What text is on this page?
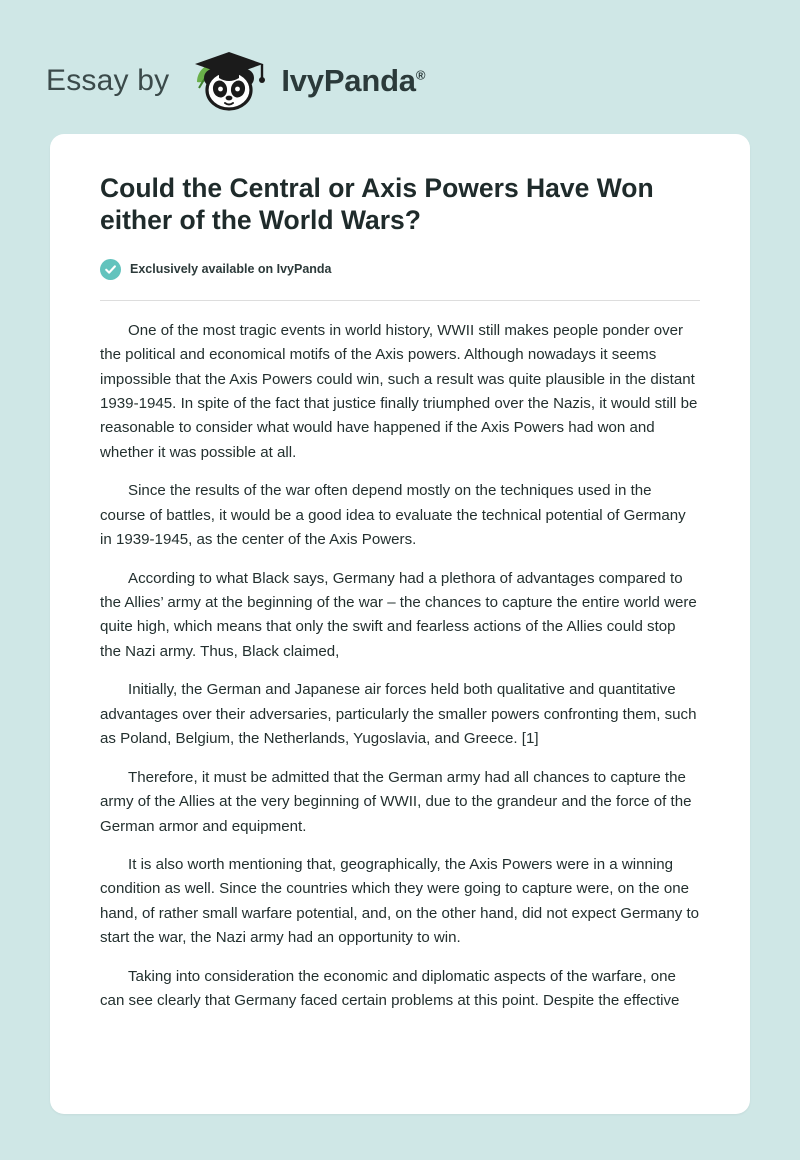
Essay by	IvyPanda®
Could the Central or Axis Powers Have Won either of the World Wars?
Exclusively available on IvyPanda

One of the most tragic events in world history, WWII still makes people ponder over the political and economical motifs of the Axis powers. Although nowadays it seems impossible that the Axis Powers could win, such a result was quite plausible in the distant 1939-1945. In spite of the fact that justice finally triumphed over the Nazis, it would still be reasonable to consider what would have happened if the Axis Powers had won and whether it was possible at all.

Since the results of the war often depend mostly on the techniques used in the course of battles, it would be a good idea to evaluate the technical potential of Germany in 1939-1945, as the center of the Axis Powers.

According to what Black says, Germany had a plethora of advantages compared to the Allies’ army at the beginning of the war – the chances to capture the entire world were quite high, which means that only the swift and fearless actions of the Allies could stop the Nazi army. Thus, Black claimed,

Initially, the German and Japanese air forces held both qualitative and quantitative advantages over their adversaries, particularly the smaller powers confronting them, such as Poland, Belgium, the Netherlands, Yugoslavia, and Greece. [1]

Therefore, it must be admitted that the German army had all chances to capture the army of the Allies at the very beginning of WWII, due to the grandeur and the force of the German armor and equipment.

It is also worth mentioning that, geographically, the Axis Powers were in a winning condition as well. Since the countries which they were going to capture were, on the one hand, of rather small warfare potential, and, on the other hand, did not expect Germany to start the war, the Nazi army had an opportunity to win.

Taking into consideration the economic and diplomatic aspects of the warfare, one can see clearly that Germany faced certain problems at this point. Despite the effective
